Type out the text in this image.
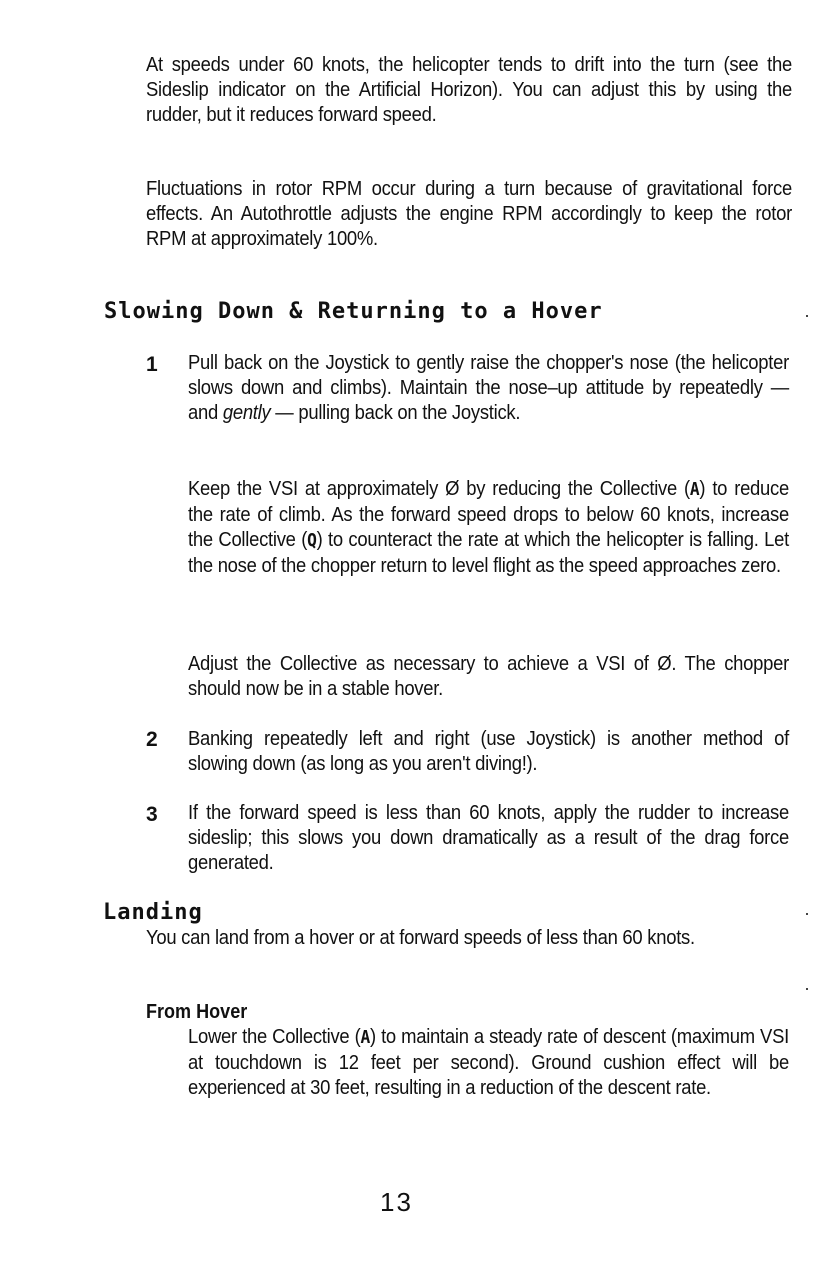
At speeds under 60 knots, the helicopter tends to drift into the turn (see the Sideslip indicator on the Artificial Horizon). You can adjust this by using the rudder, but it reduces forward speed.

Fluctuations in rotor RPM occur during a turn because of gravitational force effects. An Autothrottle adjusts the engine RPM accordingly to keep the rotor RPM at approximately 100%.

Slowing Down & Returning to a Hover
1 Pull back on the Joystick to gently raise the chopper's nose (the helicopter slows down and climbs). Maintain the nose–up attitude by repeatedly — and gently — pulling back on the Joystick.

Keep the VSI at approximately Ø by reducing the Collective (A) to reduce the rate of climb. As the forward speed drops to below 60 knots, increase the Collective (Q) to counteract the rate at which the helicopter is falling. Let the nose of the chopper return to level flight as the speed approaches zero.

Adjust the Collective as necessary to achieve a VSI of Ø. The chopper should now be in a stable hover.

2 Banking repeatedly left and right (use Joystick) is another method of slowing down (as long as you aren't diving!).

3 If the forward speed is less than 60 knots, apply the rudder to increase sideslip; this slows you down dramatically as a result of the drag force generated.

Landing

You can land from a hover or at forward speeds of less than 60 knots.

From Hover

Lower the Collective (A) to maintain a steady rate of descent (maximum VSI at touchdown is 12 feet per second). Ground cushion effect will be experienced at 30 feet, resulting in a reduction of the descent rate.

13
